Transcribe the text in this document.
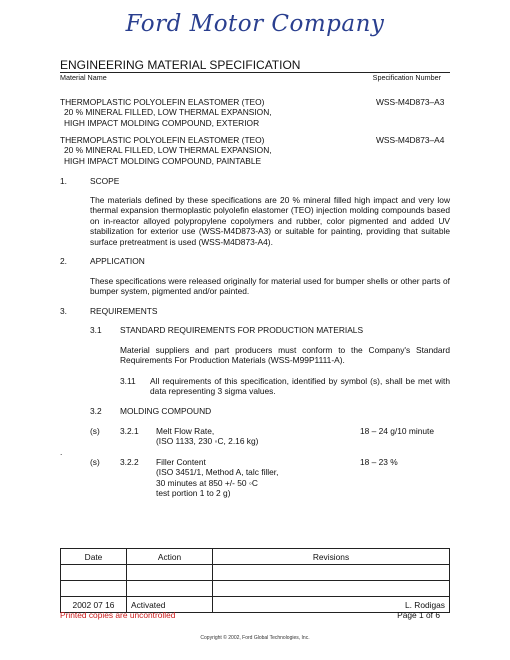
Ford Motor Company
ENGINEERING MATERIAL SPECIFICATION
Material Name	Specification Number
THERMOPLASTIC POLYOLEFIN ELASTOMER (TEO)
20 % MINERAL FILLED, LOW THERMAL EXPANSION,
HIGH IMPACT MOLDING COMPOUND, EXTERIOR
WSS-M4D873–A3
THERMOPLASTIC POLYOLEFIN ELASTOMER (TEO)
20 % MINERAL FILLED, LOW THERMAL EXPANSION,
HIGH IMPACT MOLDING COMPOUND, PAINTABLE
WSS-M4D873–A4
1.	SCOPE
The materials defined by these specifications are 20 % mineral filled high impact and very low thermal expansion thermoplastic polyolefin elastomer (TEO) injection molding compounds based on in-reactor alloyed polypropylene copolymers and rubber, color pigmented and added UV stabilization for exterior use (WSS-M4D873-A3) or suitable for painting, providing that suitable surface pretreatment is used (WSS-M4D873-A4).
2.	APPLICATION
These specifications were released originally for material used for bumper shells or other parts of bumper system, pigmented and/or painted.
3.	REQUIREMENTS
3.1 STANDARD REQUIREMENTS FOR PRODUCTION MATERIALS
Material suppliers and part producers must conform to the Company's Standard Requirements For Production Materials (WSS-M99P1111-A).
3.11 All requirements of this specification, identified by symbol (s), shall be met with data representing 3 sigma values.
3.2 MOLDING COMPOUND
(s) 3.2.1 Melt Flow Rate,
(ISO 1133, 230 ◦C, 2.16 kg)
18 – 24 g/10 minute
.
(s) 3.2.2 Filler Content
(ISO 3451/1, Method A, talc filler,
30 minutes at 850 +/- 50 ◦C
test portion 1 to 2 g)
18 – 23 %
Date	Action	Revisions

2002 07 16	Activated	L. Rodigas
Printed copies are uncontrolled	Page 1 of 6
Copyright © 2002, Ford Global Technologies, Inc.
